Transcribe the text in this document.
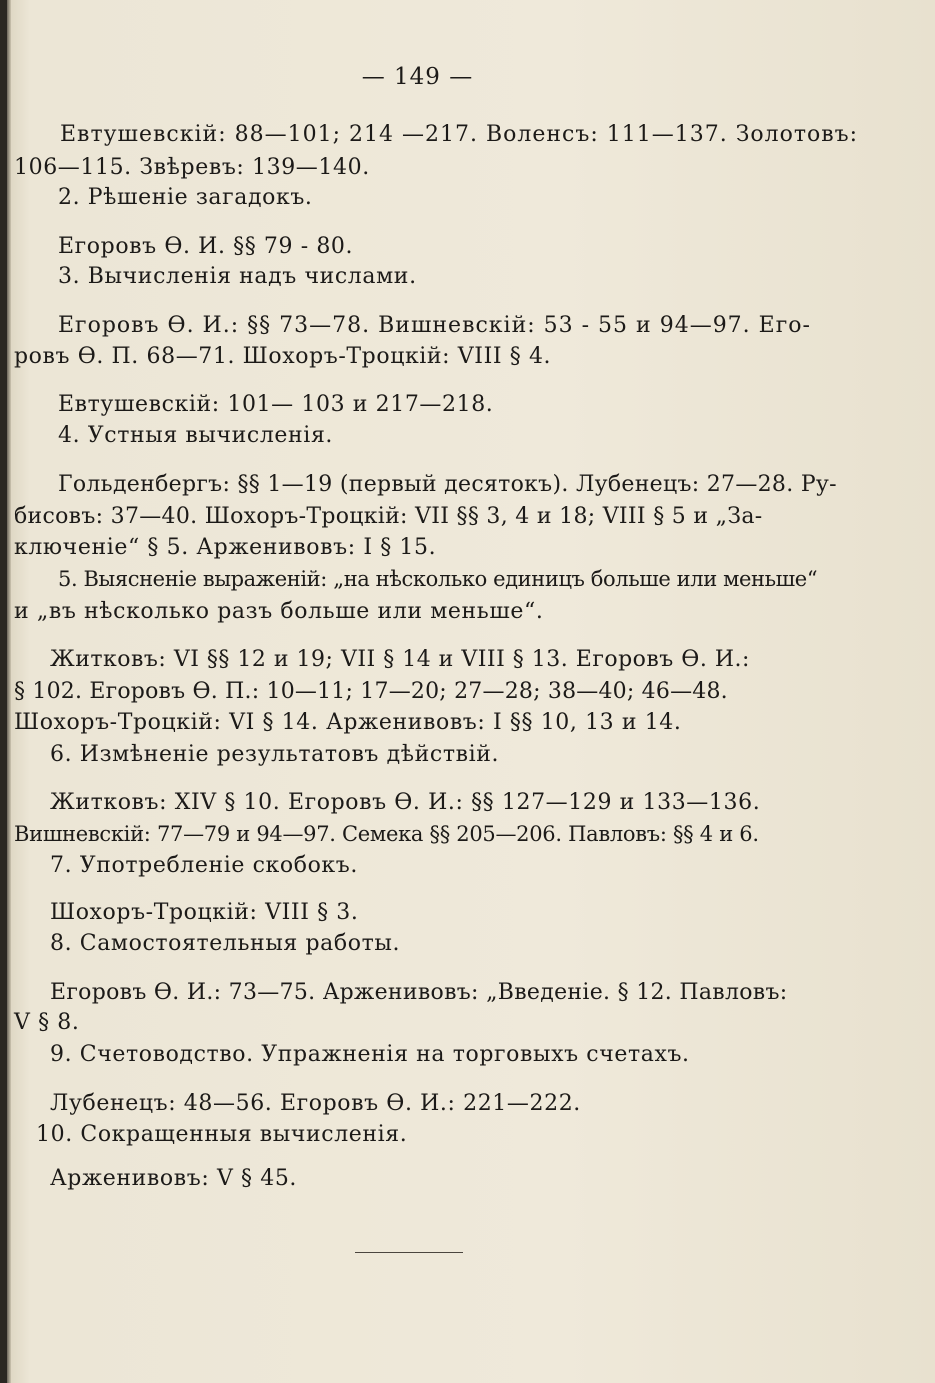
— 149 —
Евтушевскій: 88—101; 214 —217. Воленсъ: 111—137. Золотовъ:
106—115. Звѣревъ: 139—140.
2. Рѣшеніе загадокъ.
Егоровъ Ө. И. §§ 79 - 80.
3. Вычисленія надъ числами.
Егоровъ Ө. И.: §§ 73—78. Вишневскій: 53 - 55 и 94—97. Его-
ровъ Ө. П. 68—71. Шохоръ-Троцкій: VIII § 4.
Евтушевскій: 101— 103 и 217—218.
4. Устныя вычисленія.
Гольденбергъ: §§ 1—19 (первый десятокъ). Лубенецъ: 27—28. Ру-
бисовъ: 37—40. Шохоръ-Троцкій: VII §§ 3, 4 и 18; VIII § 5 и „За-
ключеніе“ § 5. Арженивовъ: I § 15.
5. Выясненіе выраженій: „на нѣсколько единицъ больше или меньше“
и „въ нѣсколько разъ больше или меньше“.
Житковъ: VI §§ 12 и 19; VII § 14 и VIII § 13. Егоровъ Ө. И.:
§ 102. Егоровъ Ө. П.: 10—11; 17—20; 27—28; 38—40; 46—48.
Шохоръ-Троцкій: VI § 14. Арженивовъ: I §§ 10, 13 и 14.
6. Измѣненіе результатовъ дѣйствій.
Житковъ: XIV § 10. Егоровъ Ө. И.: §§ 127—129 и 133—136.
Вишневскій: 77—79 и 94—97. Семека §§ 205—206. Павловъ: §§ 4 и 6.
7. Употребленіе скобокъ.
Шохоръ-Троцкій: VIII § 3.
8. Самостоятельныя работы.
Егоровъ Ө. И.: 73—75. Арженивовъ: „Введеніе. § 12. Павловъ:
V § 8.
9. Счетоводство. Упражненія на торговыхъ счетахъ.
Лубенецъ: 48—56. Егоровъ Ө. И.: 221—222.
10. Сокращенныя вычисленія.
Арженивовъ: V § 45.
